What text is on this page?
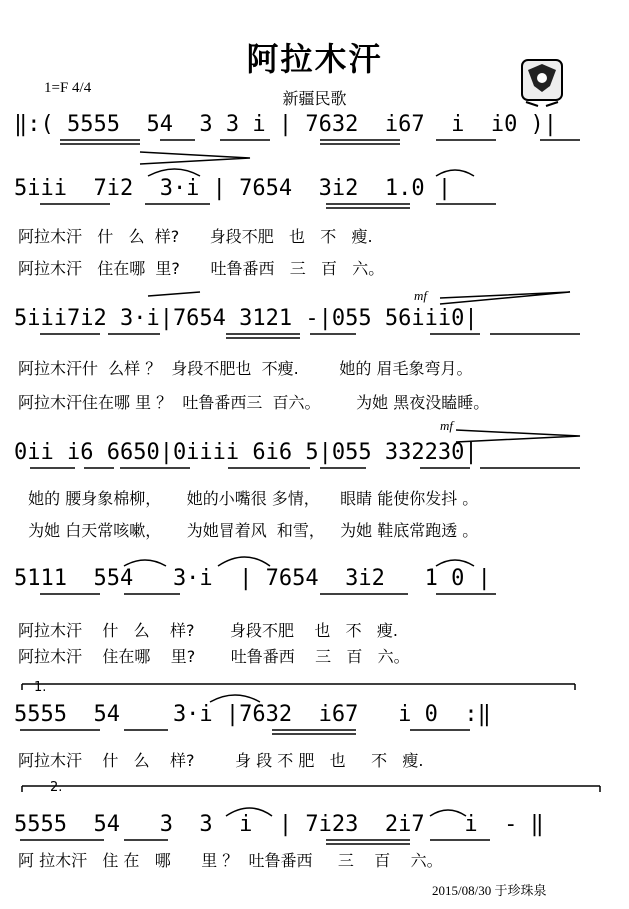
阿拉木汗
1=F 4/4
新疆民歌
‖:( 5555  54  3 3 i | 7632  i67  i  i0 )|
5iii  7i2  3·i | 7654  3i2  1.0 |
阿拉木汗   什   么  样?      身段不肥   也   不   瘦.
阿拉木汗   住在哪  里?      吐鲁番西   三   百   六。
mf
5iii7i2 3·i|7654 3121 -|055 56iii0|
阿拉木汗什  么样 ？  身段不肥也  不瘦.        她的 眉毛象弯月。
阿拉木汗住在哪 里 ？  吐鲁番西三  百六。       为她 黑夜没瞌睡。
mf
0ii i6 6650|0iiii 6i6 5|055 332230|
她的 腰身象棉柳，     她的小嘴很 多情，    眼睛 能使你发抖 。
为她 白天常咳嗽，     为她冒着风  和雪，   为她 鞋底常跑透 。
5111  554   3·i  | 7654  3i2   1 0 |
阿拉木汗    什   么    样?       身段不肥    也   不   瘦.
阿拉木汗    住在哪    里?       吐鲁番西    三   百   六。
1.
5555  54    3·i |7632  i67   i 0  :‖
阿拉木汗    什   么    样?        身 段 不 肥   也     不   瘦.
2.
5555  54   3  3  i  | 7i23  2i7   i  - ‖
阿 拉木汗   住 在   哪      里 ？  吐鲁番西     三    百    六。
2015/08/30 于珍珠泉
